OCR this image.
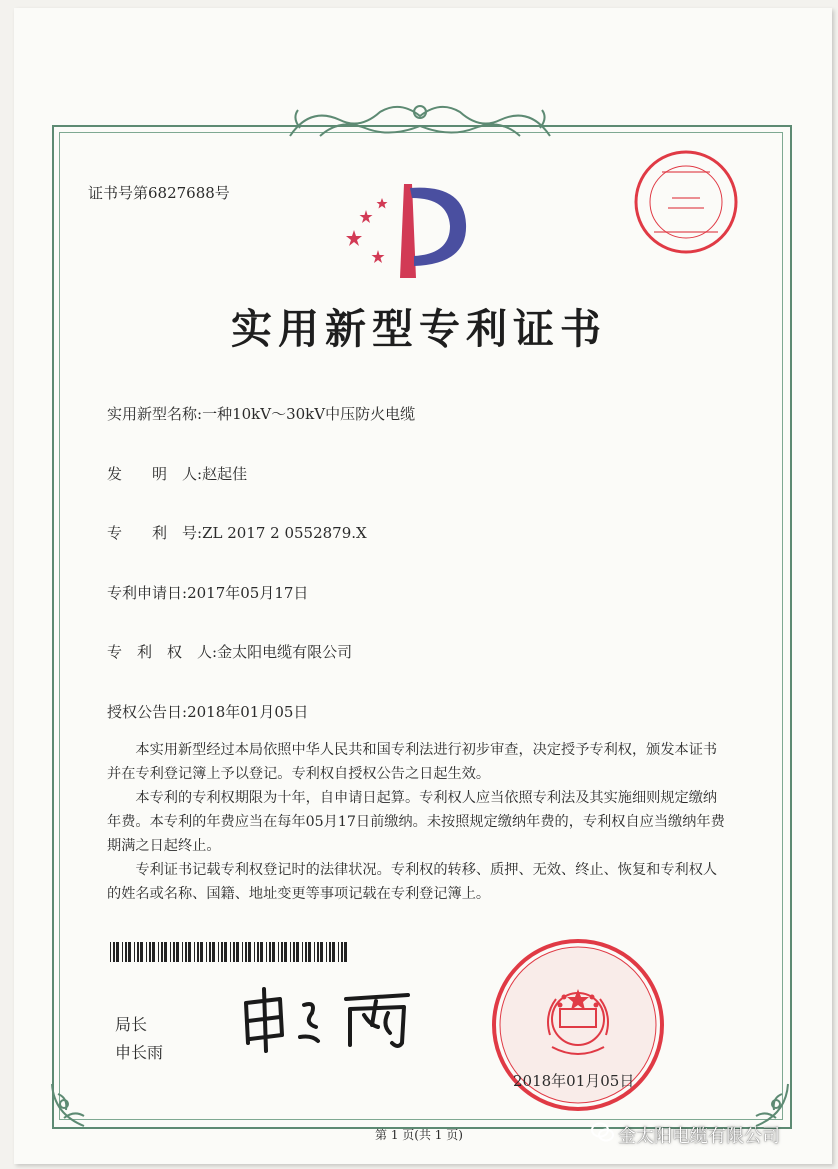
证书号第6827688号
实用新型专利证书
实用新型名称:一种10kV～30kV中压防火电缆
发　　明　人:赵起佳
专　　利　号:ZL 2017 2 0552879.X
专利申请日:2017年05月17日
专　利　权　人:金太阳电缆有限公司
授权公告日:2018年01月05日

本实用新型经过本局依照中华人民共和国专利法进行初步审查，决定授予专利权，颁发本证书并在专利登记簿上予以登记。专利权自授权公告之日起生效。

本专利的专利权期限为十年，自申请日起算。专利权人应当依照专利法及其实施细则规定缴纳年费。本专利的年费应当在每年05月17日前缴纳。未按照规定缴纳年费的，专利权自应当缴纳年费期满之日起终止。

专利证书记载专利权登记时的法律状况。专利权的转移、质押、无效、终止、恢复和专利权人的姓名或名称、国籍、地址变更等事项记载在专利登记簿上。

局长
申长雨
2018年01月05日
第 1 页(共 1 页)	金太阳电缆有限公司
